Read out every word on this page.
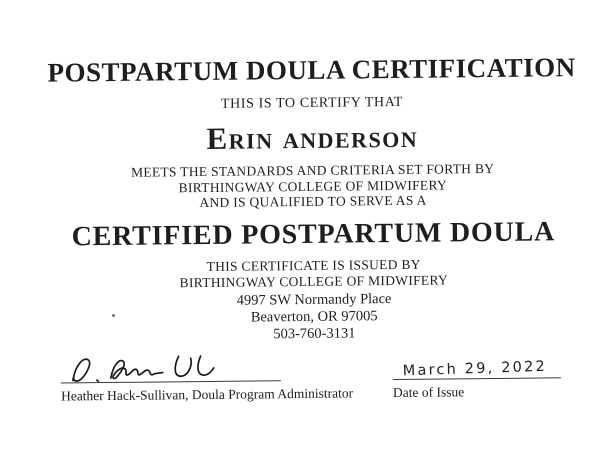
POSTPARTUM DOULA CERTIFICATION
THIS IS TO CERTIFY THAT
Erin anderson
MEETS THE STANDARDS AND CRITERIA SET FORTH BY
BIRTHINGWAY COLLEGE OF MIDWIFERY
AND IS QUALIFIED TO SERVE AS A
CERTIFIED POSTPARTUM DOULA
THIS CERTIFICATE IS ISSUED BY
BIRTHINGWAY COLLEGE OF MIDWIFERY
4997 SW Normandy Place
Beaverton, OR 97005
503-760-3131
Heather Hack-Sullivan, Doula Program Administrator
March 29, 2022
Date of Issue
